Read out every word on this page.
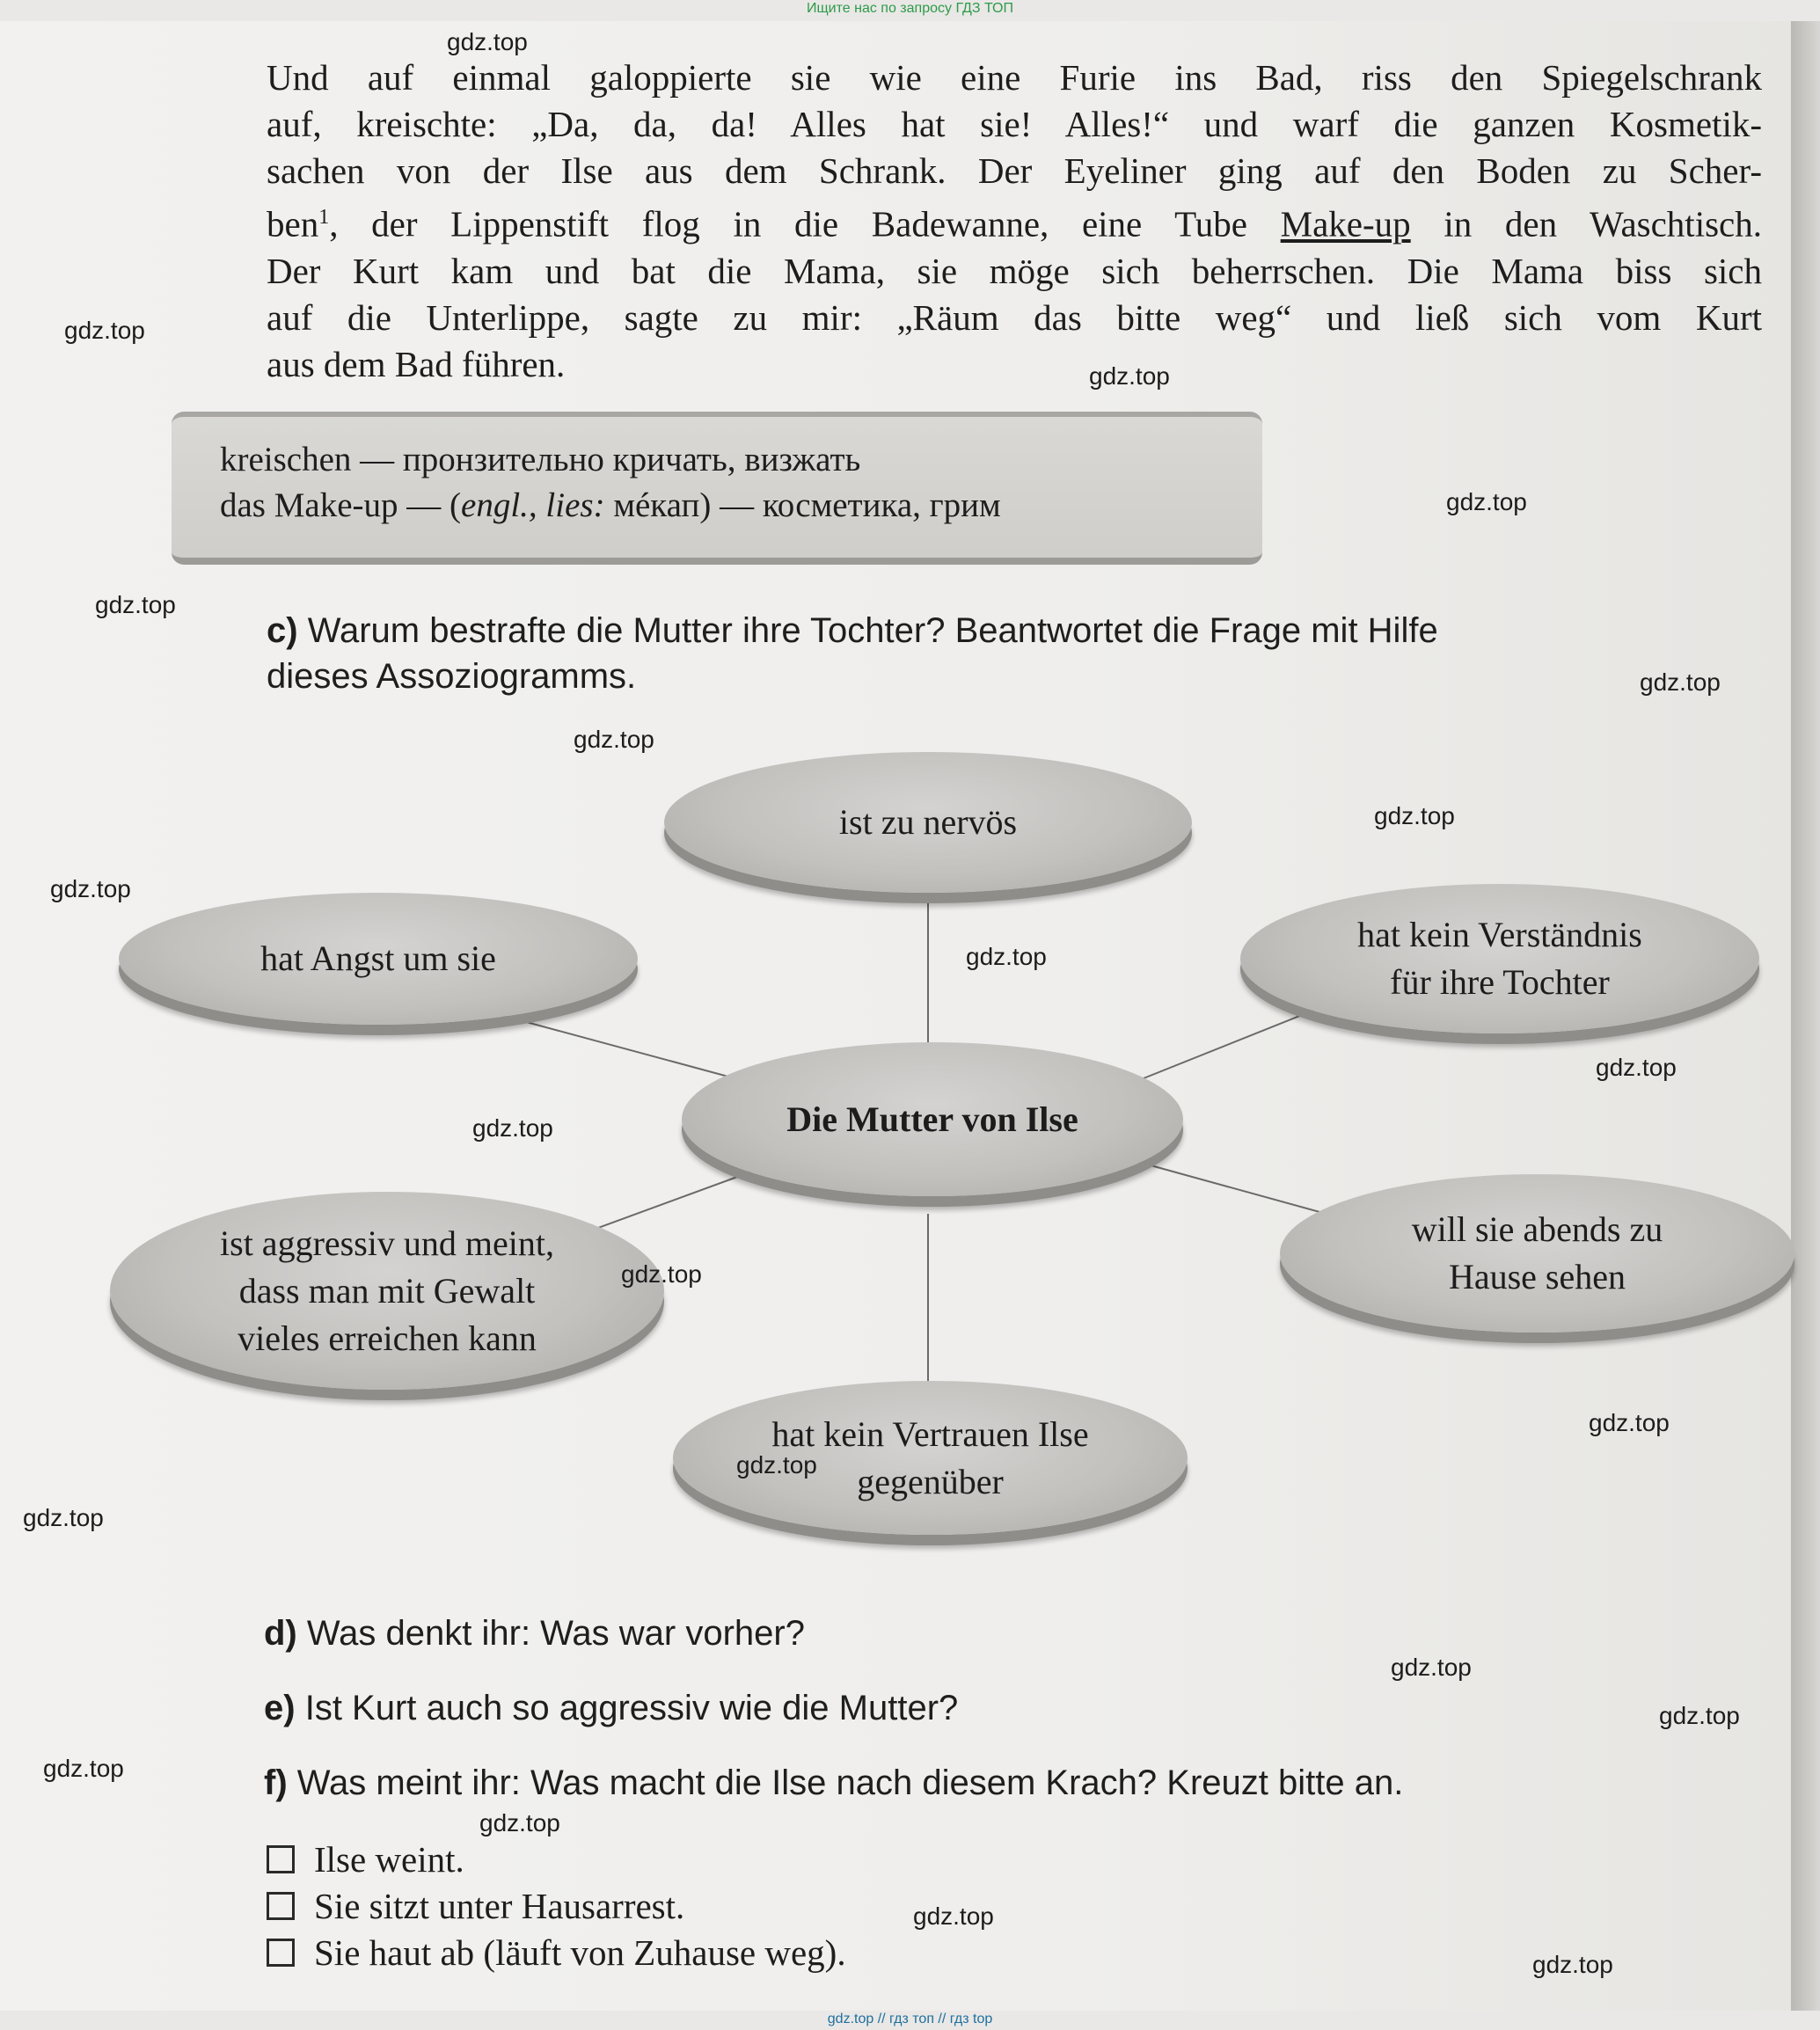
Ищите нас по запросу ГДЗ ТОП
Und auf einmal galoppierte sie wie eine Furie ins Bad, riss den Spiegelschrank
auf, kreischte: „Da, da, da! Alles hat sie! Alles!“ und warf die ganzen Kosmetik-
sachen von der Ilse aus dem Schrank. Der Eyeliner ging auf den Boden zu Scher-
ben$^1$, der Lippenstift flog in die Badewanne, eine Tube Make-up in den Waschtisch.
Der Kurt kam und bat die Mama, sie möge sich beherrschen. Die Mama biss sich
auf die Unterlippe, sagte zu mir: „Räum das bitte weg“ und ließ sich vom Kurt
aus dem Bad führen.
kreischen — пронзительно кричать, визжать
das Make-up — (engl., lies: мéкап) — косметика, грим
c) Warum bestrafte die Mutter ihre Tochter? Beantwortet die Frage mit Hilfe
dieses Assoziogramms.
ist zu nervös
hat Angst um sie
hat kein Verständnis
für ihre Tochter
Die Mutter von Ilse
ist aggressiv und meint,
dass man mit Gewalt
vieles erreichen kann
will sie abends zu
Hause sehen
hat kein Vertrauen Ilse
gegenüber
d) Was denkt ihr: Was war vorher?
e) Ist Kurt auch so aggressiv wie die Mutter?
f) Was meint ihr: Was macht die Ilse nach diesem Krach? Kreuzt bitte an.
Ilse weint.
Sie sitzt unter Hausarrest.
Sie haut ab (läuft von Zuhause weg).
gdz.top
gdz.top
gdz.top
gdz.top
gdz.top
gdz.top
gdz.top
gdz.top
gdz.top
gdz.top
gdz.top
gdz.top
gdz.top
gdz.top
gdz.top
gdz.top
gdz.top
gdz.top
gdz.top
gdz.top
gdz.top
gdz.top
gdz.top // гдз топ // гдз top
